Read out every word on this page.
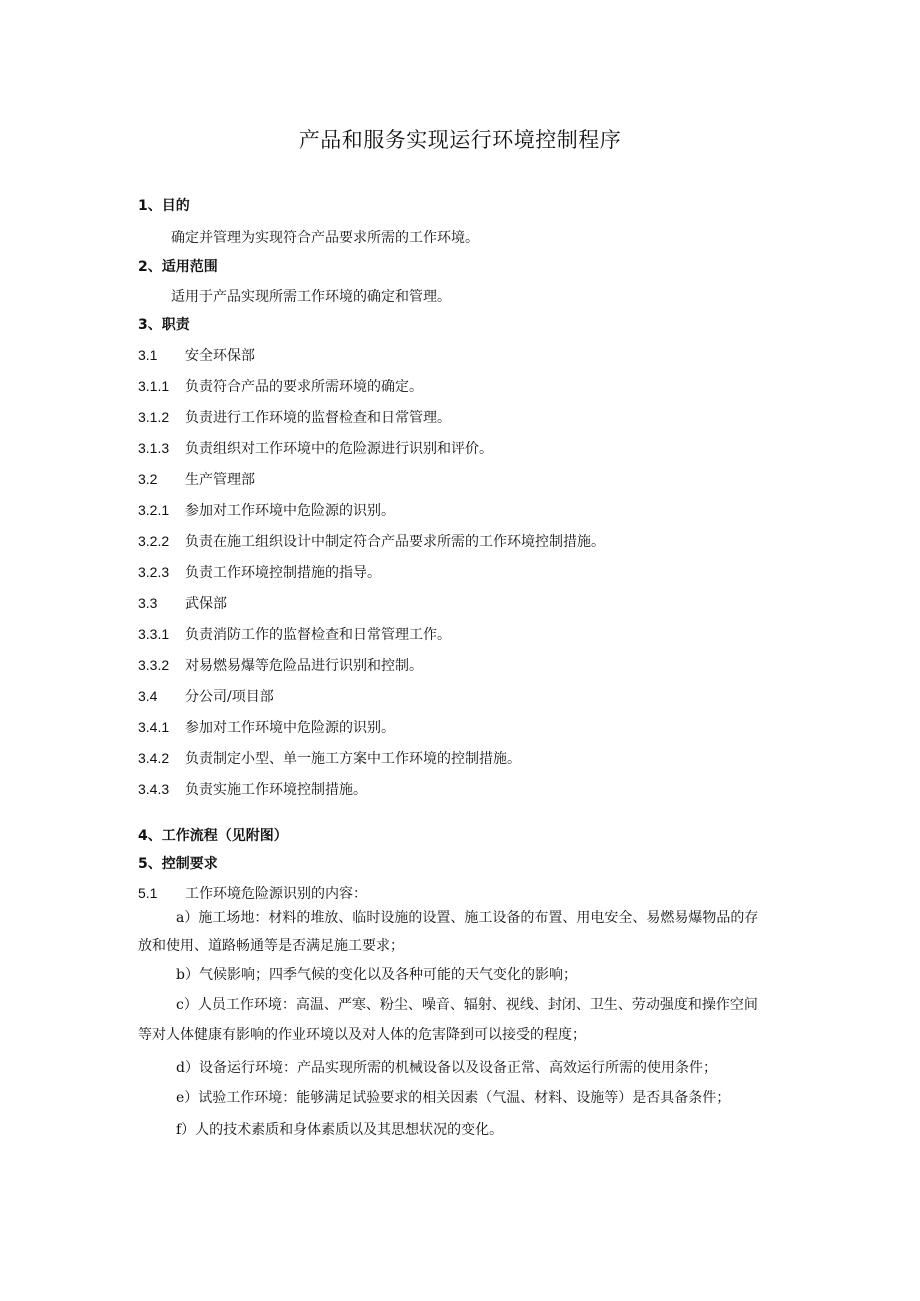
产品和服务实现运行环境控制程序
1、目的
确定并管理为实现符合产品要求所需的工作环境。
2、适用范围
适用于产品实现所需工作环境的确定和管理。
3、职责
3.1 安全环保部
3.1.1 负责符合产品的要求所需环境的确定。
3.1.2 负责进行工作环境的监督检查和日常管理。
3.1.3 负责组织对工作环境中的危险源进行识别和评价。
3.2 生产管理部
3.2.1 参加对工作环境中危险源的识别。
3.2.2 负责在施工组织设计中制定符合产品要求所需的工作环境控制措施。
3.2.3 负责工作环境控制措施的指导。
3.3 武保部
3.3.1 负责消防工作的监督检查和日常管理工作。
3.3.2 对易燃易爆等危险品进行识别和控制。
3.4 分公司/项目部
3.4.1 参加对工作环境中危险源的识别。
3.4.2 负责制定小型、单一施工方案中工作环境的控制措施。
3.4.3 负责实施工作环境控制措施。
4、工作流程（见附图）
5、控制要求
5.1 工作环境危险源识别的内容：
a）施工场地：材料的堆放、临时设施的设置、施工设备的布置、用电安全、易燃易爆物品的存
放和使用、道路畅通等是否满足施工要求；
b）气候影响；四季气候的变化以及各种可能的天气变化的影响；
c）人员工作环境：高温、严寒、粉尘、噪音、辐射、视线、封闭、卫生、劳动强度和操作空间
等对人体健康有影响的作业环境以及对人体的危害降到可以接受的程度；
d）设备运行环境：产品实现所需的机械设备以及设备正常、高效运行所需的使用条件；
e）试验工作环境：能够满足试验要求的相关因素（气温、材料、设施等）是否具备条件；
f）人的技术素质和身体素质以及其思想状况的变化。
